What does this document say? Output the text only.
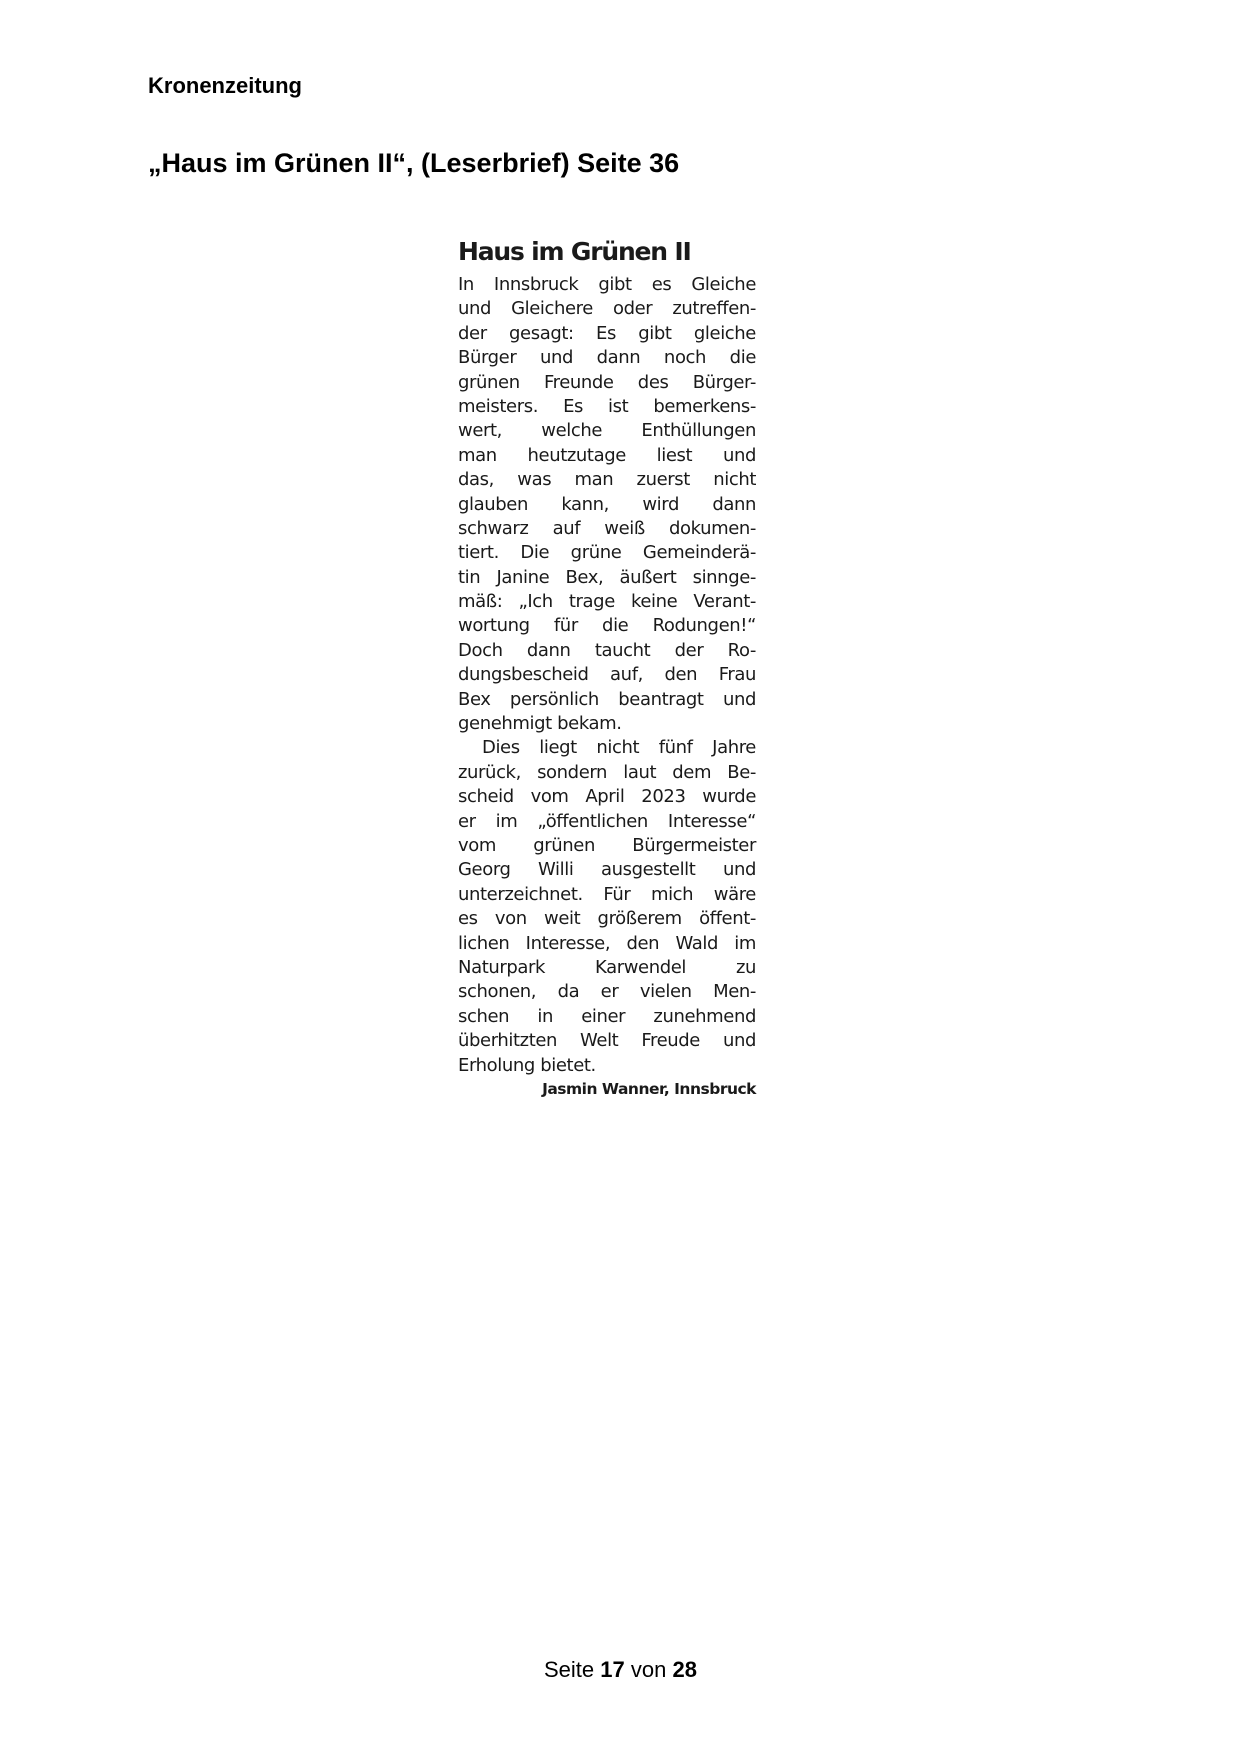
Kronenzeitung
„Haus im Grünen II“, (Leserbrief) Seite 36
Haus im Grünen II
In Innsbruck gibt es Gleiche
und Gleichere oder zutreffen-
der gesagt: Es gibt gleiche
Bürger und dann noch die
grünen Freunde des Bürger-
meisters. Es ist bemerkens-
wert, welche Enthüllungen
man heutzutage liest und
das, was man zuerst nicht
glauben kann, wird dann
schwarz auf weiß dokumen-
tiert. Die grüne Gemeinderä-
tin Janine Bex, äußert sinnge-
mäß: „Ich trage keine Verant-
wortung für die Rodungen!“
Doch dann taucht der Ro-
dungsbescheid auf, den Frau
Bex persönlich beantragt und
genehmigt bekam.
Dies liegt nicht fünf Jahre
zurück, sondern laut dem Be-
scheid vom April 2023 wurde
er im „öffentlichen Interesse“
vom grünen Bürgermeister
Georg Willi ausgestellt und
unterzeichnet. Für mich wäre
es von weit größerem öffent-
lichen Interesse, den Wald im
Naturpark Karwendel zu
schonen, da er vielen Men-
schen in einer zunehmend
überhitzten Welt Freude und
Erholung bietet.
Jasmin Wanner, Innsbruck
Seite 17 von 28
